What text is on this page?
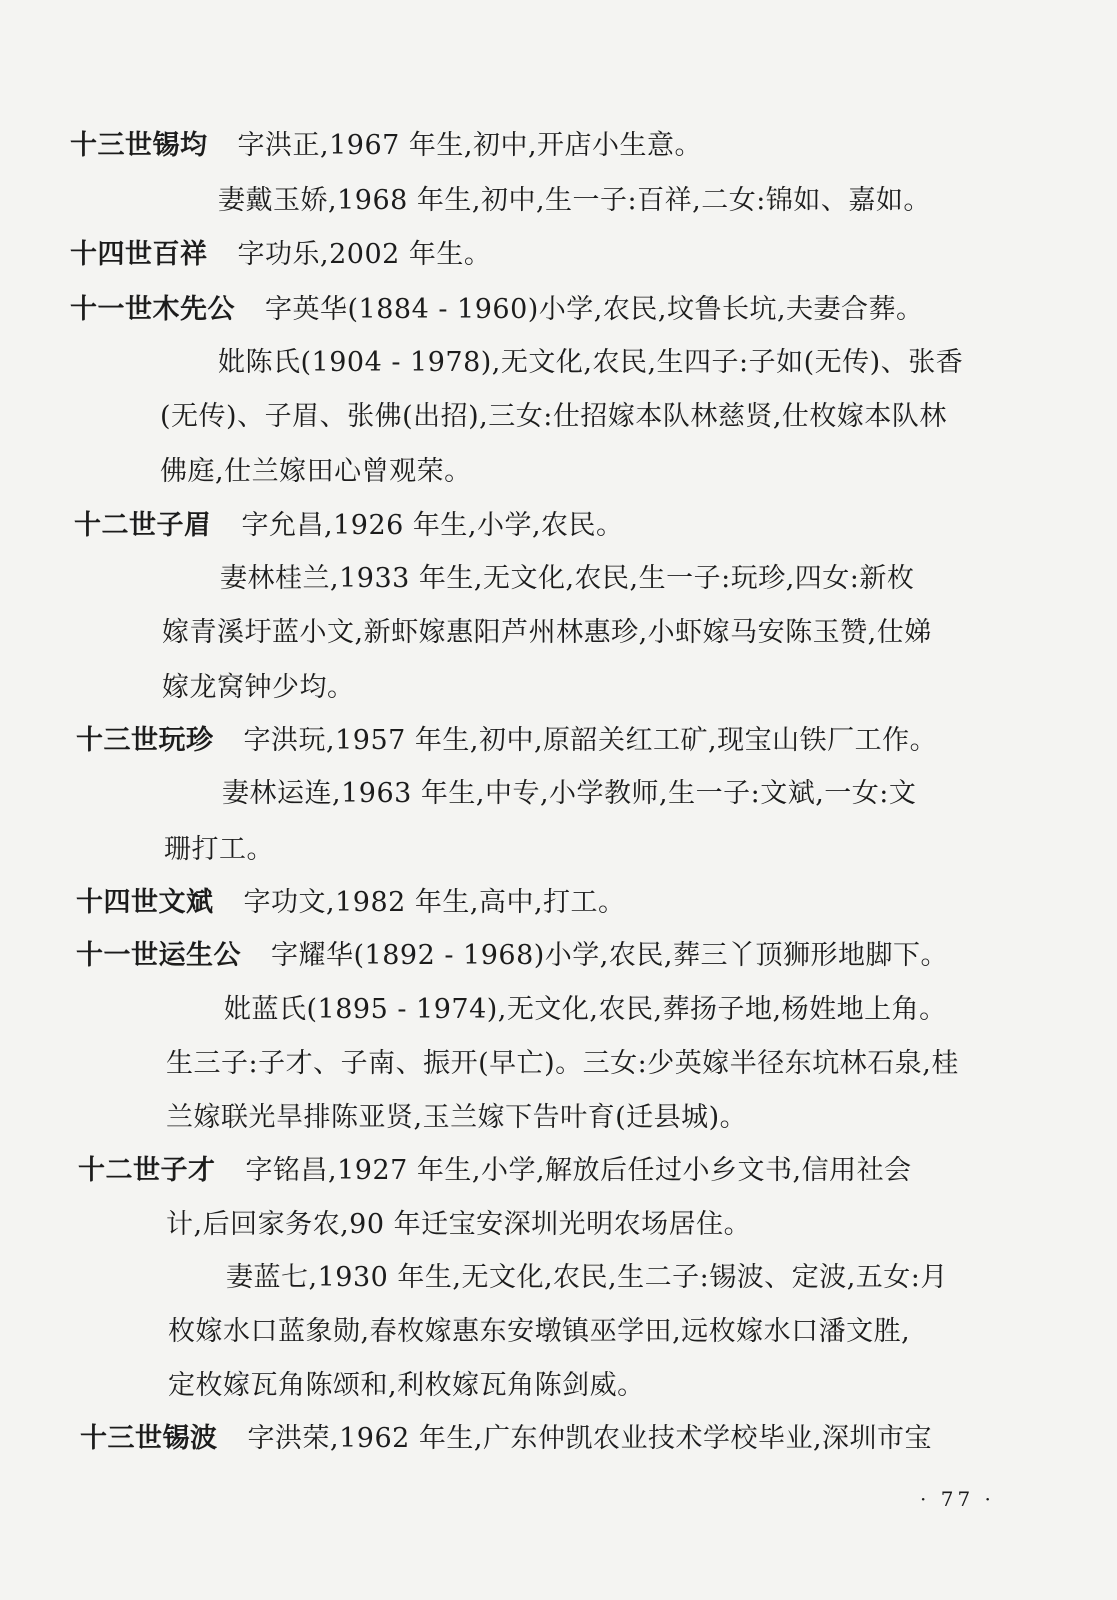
十三世锡均 字洪正,1967 年生,初中,开店小生意。
妻戴玉娇,1968 年生,初中,生一子:百祥,二女:锦如、嘉如。
十四世百祥 字功乐,2002 年生。
十一世木先公 字英华(1884 - 1960)小学,农民,坟鲁长坑,夫妻合葬。
妣陈氏(1904 - 1978),无文化,农民,生四子:子如(无传)、张香
(无传)、子眉、张佛(出招),三女:仕招嫁本队林慈贤,仕枚嫁本队林
佛庭,仕兰嫁田心曾观荣。
十二世子眉 字允昌,1926 年生,小学,农民。
妻林桂兰,1933 年生,无文化,农民,生一子:玩珍,四女:新枚
嫁青溪圩蓝小文,新虾嫁惠阳芦州林惠珍,小虾嫁马安陈玉赞,仕娣
嫁龙窝钟少均。
十三世玩珍 字洪玩,1957 年生,初中,原韶关红工矿,现宝山铁厂工作。
妻林运连,1963 年生,中专,小学教师,生一子:文斌,一女:文
珊打工。
十四世文斌 字功文,1982 年生,高中,打工。
十一世运生公 字耀华(1892 - 1968)小学,农民,葬三丫顶狮形地脚下。
妣蓝氏(1895 - 1974),无文化,农民,葬扬子地,杨姓地上角。
生三子:子才、子南、振开(早亡)。三女:少英嫁半径东坑林石泉,桂
兰嫁联光旱排陈亚贤,玉兰嫁下告叶育(迁县城)。
十二世子才 字铭昌,1927 年生,小学,解放后任过小乡文书,信用社会
计,后回家务农,90 年迁宝安深圳光明农场居住。
妻蓝七,1930 年生,无文化,农民,生二子:锡波、定波,五女:月
枚嫁水口蓝象勋,春枚嫁惠东安墩镇巫学田,远枚嫁水口潘文胜,
定枚嫁瓦角陈颂和,利枚嫁瓦角陈剑威。
十三世锡波 字洪荣,1962 年生,广东仲凯农业技术学校毕业,深圳市宝
· 77 ·
